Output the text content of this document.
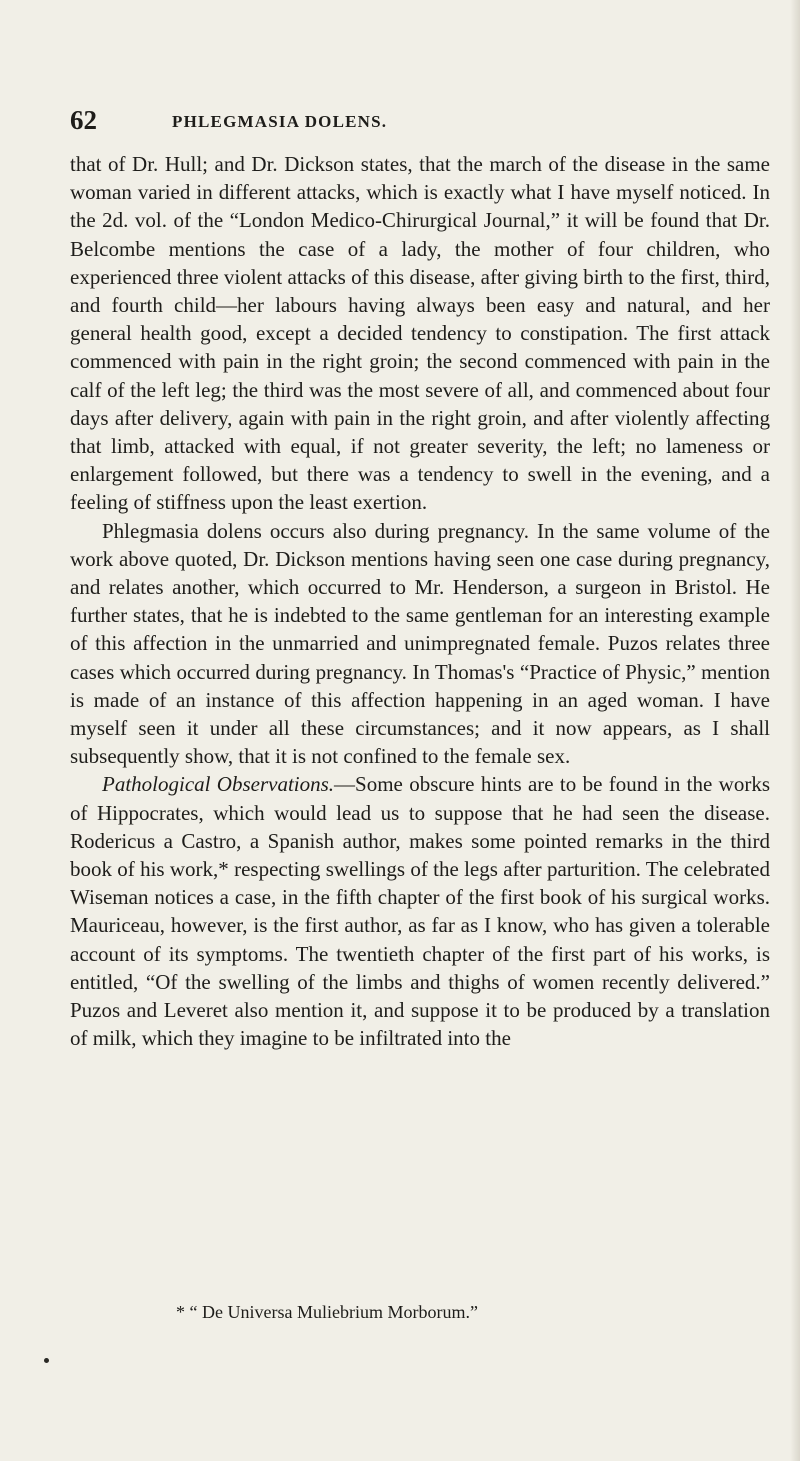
62	PHLEGMASIA DOLENS.

that of Dr. Hull; and Dr. Dickson states, that the march of the disease in the same woman varied in different attacks, which is exactly what I have myself noticed. In the 2d. vol. of the “London Medico-Chirurgical Journal,” it will be found that Dr. Belcombe mentions the case of a lady, the mother of four children, who experienced three violent attacks of this disease, after giving birth to the first, third, and fourth child—her labours having always been easy and natural, and her general health good, except a decided tendency to constipation. The first attack commenced with pain in the right groin; the second commenced with pain in the calf of the left leg; the third was the most severe of all, and commenced about four days after delivery, again with pain in the right groin, and after violently affecting that limb, attacked with equal, if not greater severity, the left; no lameness or enlargement followed, but there was a tendency to swell in the evening, and a feeling of stiffness upon the least exertion.

Phlegmasia dolens occurs also during pregnancy. In the same volume of the work above quoted, Dr. Dickson mentions having seen one case during pregnancy, and relates another, which occurred to Mr. Henderson, a surgeon in Bristol. He further states, that he is indebted to the same gentleman for an interesting example of this affection in the unmarried and unimpregnated female. Puzos relates three cases which occurred during pregnancy. In Thomas's “Practice of Physic,” mention is made of an instance of this affection happening in an aged woman. I have myself seen it under all these circumstances; and it now appears, as I shall subsequently show, that it is not confined to the female sex.

Pathological Observations.—Some obscure hints are to be found in the works of Hippocrates, which would lead us to suppose that he had seen the disease. Rodericus a Castro, a Spanish author, makes some pointed remarks in the third book of his work,* respecting swellings of the legs after parturition. The celebrated Wiseman notices a case, in the fifth chapter of the first book of his surgical works. Mauriceau, however, is the first author, as far as I know, who has given a tolerable account of its symptoms. The twentieth chapter of the first part of his works, is entitled, “Of the swelling of the limbs and thighs of women recently delivered.” Puzos and Leveret also mention it, and suppose it to be produced by a translation of milk, which they imagine to be infiltrated into the

* “ De Universa Muliebrium Morborum.”
